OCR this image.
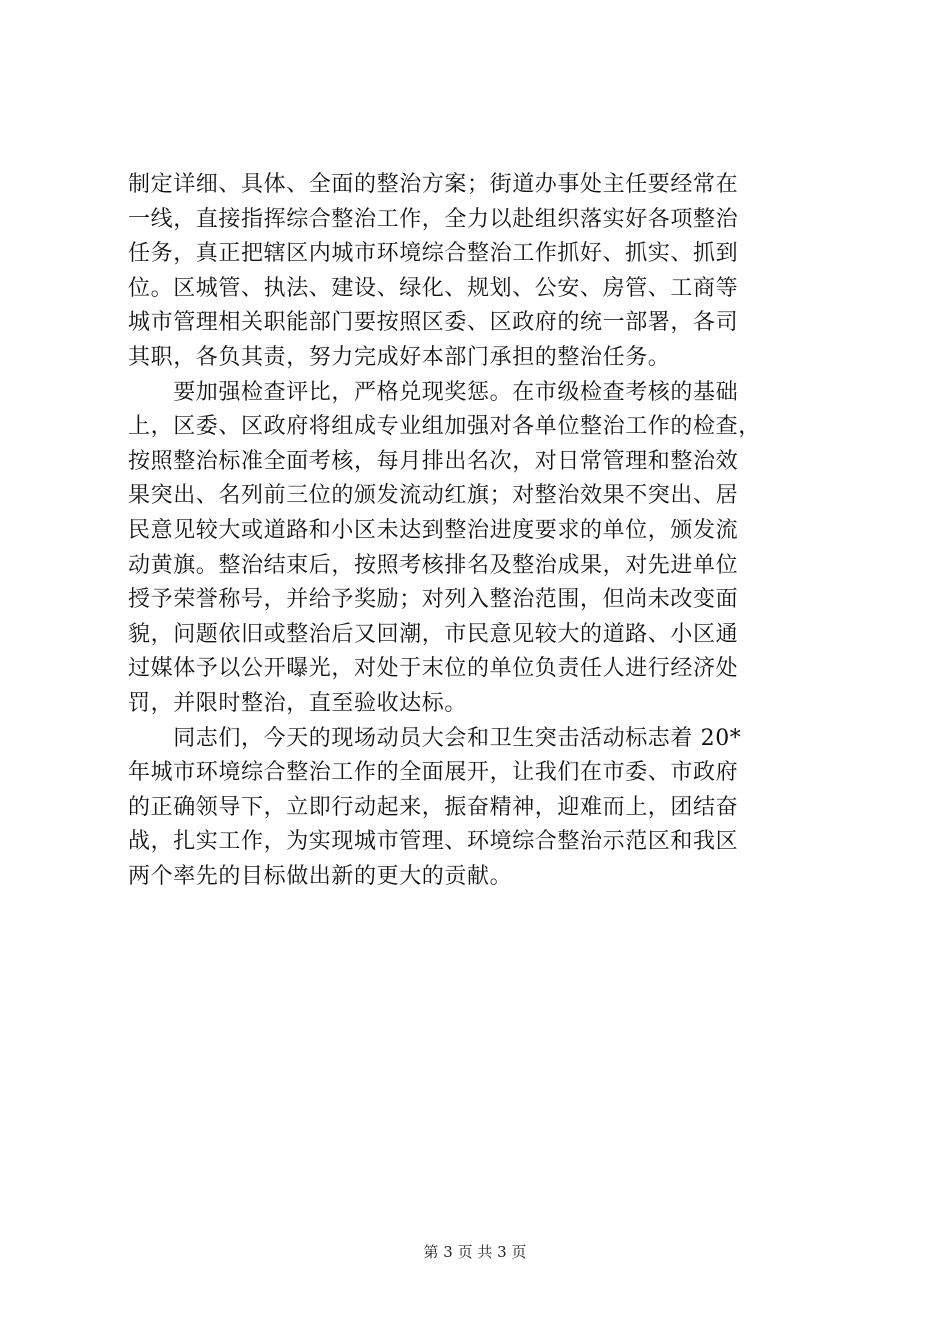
制定详细、具体、全面的整治方案；街道办事处主任要经常在
一线，直接指挥综合整治工作，全力以赴组织落实好各项整治
任务，真正把辖区内城市环境综合整治工作抓好、抓实、抓到
位。区城管、执法、建设、绿化、规划、公安、房管、工商等
城市管理相关职能部门要按照区委、区政府的统一部署，各司
其职，各负其责，努力完成好本部门承担的整治任务。
　　要加强检查评比，严格兑现奖惩。在市级检查考核的基础
上，区委、区政府将组成专业组加强对各单位整治工作的检查，
按照整治标准全面考核，每月排出名次，对日常管理和整治效
果突出、名列前三位的颁发流动红旗；对整治效果不突出、居
民意见较大或道路和小区未达到整治进度要求的单位，颁发流
动黄旗。整治结束后，按照考核排名及整治成果，对先进单位
授予荣誉称号，并给予奖励；对列入整治范围，但尚未改变面
貌，问题依旧或整治后又回潮，市民意见较大的道路、小区通
过媒体予以公开曝光，对处于末位的单位负责任人进行经济处
罚，并限时整治，直至验收达标。
　　同志们，今天的现场动员大会和卫生突击活动标志着 20*
年城市环境综合整治工作的全面展开，让我们在市委、市政府
的正确领导下，立即行动起来，振奋精神，迎难而上，团结奋
战，扎实工作，为实现城市管理、环境综合整治示范区和我区
两个率先的目标做出新的更大的贡献。
第 3 页 共 3 页
